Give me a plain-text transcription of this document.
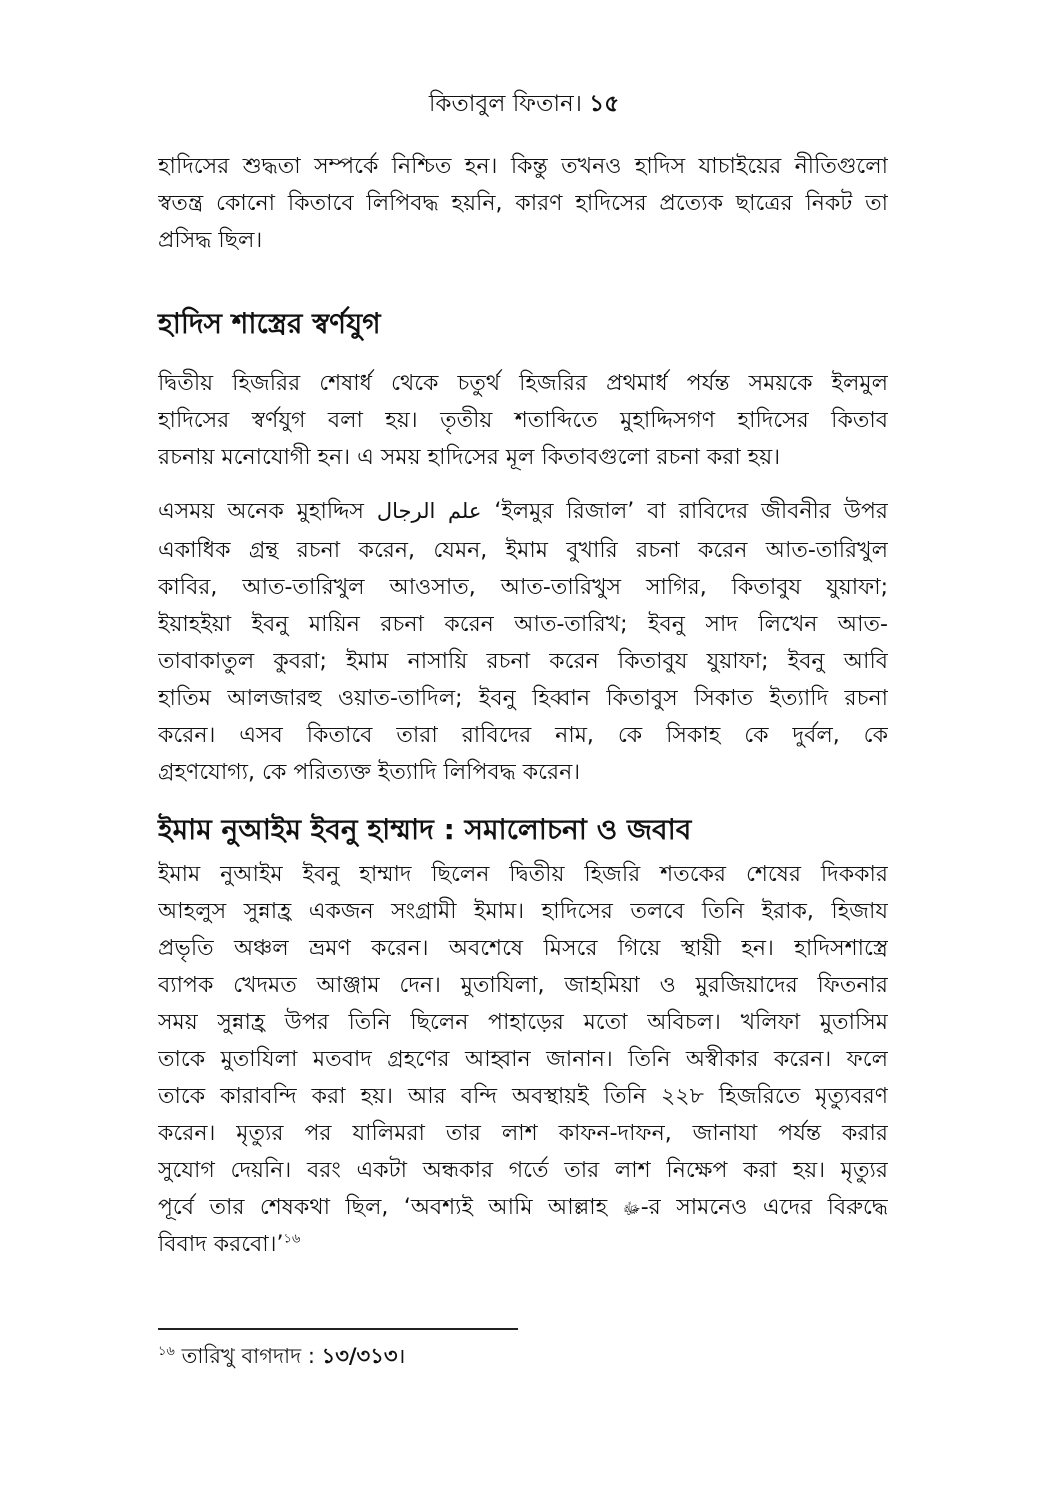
কিতাবুল ফিতান। ১৫
হাদিসের শুদ্ধতা সম্পর্কে নিশ্চিত হন। কিন্তু তখনও হাদিস যাচাইয়ের নীতিগুলো
স্বতন্ত্র কোনো কিতাবে লিপিবদ্ধ হয়নি, কারণ হাদিসের প্রত্যেক ছাত্রের নিকট তা
প্রসিদ্ধ ছিল।
হাদিস শাস্ত্রের স্বর্ণযুগ
দ্বিতীয় হিজরির শেষার্ধ থেকে চতুর্থ হিজরির প্রথমার্ধ পর্যন্ত সময়কে ইলমুল
হাদিসের স্বর্ণযুগ বলা হয়। তৃতীয় শতাব্দিতে মুহাদ্দিসগণ হাদিসের কিতাব
রচনায় মনোযোগী হন। এ সময় হাদিসের মূল কিতাবগুলো রচনা করা হয়।
এসময় অনেক মুহাদ্দিস علم الرجال ‘ইলমুর রিজাল’ বা রাবিদের জীবনীর উপর
একাধিক গ্রন্থ রচনা করেন, যেমন, ইমাম বুখারি রচনা করেন আত-তারিখুল
কাবির, আত-তারিখুল আওসাত, আত-তারিখুস সাগির, কিতাবুয যুয়াফা;
ইয়াহইয়া ইবনু মায়িন রচনা করেন আত-তারিখ; ইবনু সাদ লিখেন আত-
তাবাকাতুল কুবরা; ইমাম নাসায়ি রচনা করেন কিতাবুয যুয়াফা; ইবনু আবি
হাতিম আলজারহু ওয়াত-তাদিল; ইবনু হিব্বান কিতাবুস সিকাত ইত্যাদি রচনা
করেন। এসব কিতাবে তারা রাবিদের নাম, কে সিকাহ কে দুর্বল, কে
গ্রহণযোগ্য, কে পরিত্যক্ত ইত্যাদি লিপিবদ্ধ করেন।
ইমাম নুআইম ইবনু হাম্মাদ : সমালোচনা ও জবাব
ইমাম নুআইম ইবনু হাম্মাদ ছিলেন দ্বিতীয় হিজরি শতকের শেষের দিককার
আহলুস সুন্নাহ্র একজন সংগ্রামী ইমাম। হাদিসের তলবে তিনি ইরাক, হিজায
প্রভৃতি অঞ্চল ভ্রমণ করেন। অবশেষে মিসরে গিয়ে স্থায়ী হন। হাদিসশাস্ত্রে
ব্যাপক খেদমত আঞ্জাম দেন। মুতাযিলা, জাহমিয়া ও মুরজিয়াদের ফিতনার
সময় সুন্নাহ্র উপর তিনি ছিলেন পাহাড়ের মতো অবিচল। খলিফা মুতাসিম
তাকে মুতাযিলা মতবাদ গ্রহণের আহ্বান জানান। তিনি অস্বীকার করেন। ফলে
তাকে কারাবন্দি করা হয়। আর বন্দি অবস্থায়ই তিনি ২২৮ হিজরিতে মৃত্যুবরণ
করেন। মৃত্যুর পর যালিমরা তার লাশ কাফন-দাফন, জানাযা পর্যন্ত করার
সুযোগ দেয়নি। বরং একটা অন্ধকার গর্তে তার লাশ নিক্ষেপ করা হয়। মৃত্যুর
পূর্বে তার শেষকথা ছিল, ‘অবশ্যই আমি আল্লাহ ﷻ-র সামনেও এদের বিরুদ্ধে
বিবাদ করবো।’$^{১৬}$
$^{১৬}$ তারিখু বাগদাদ : ১৩/৩১৩।
